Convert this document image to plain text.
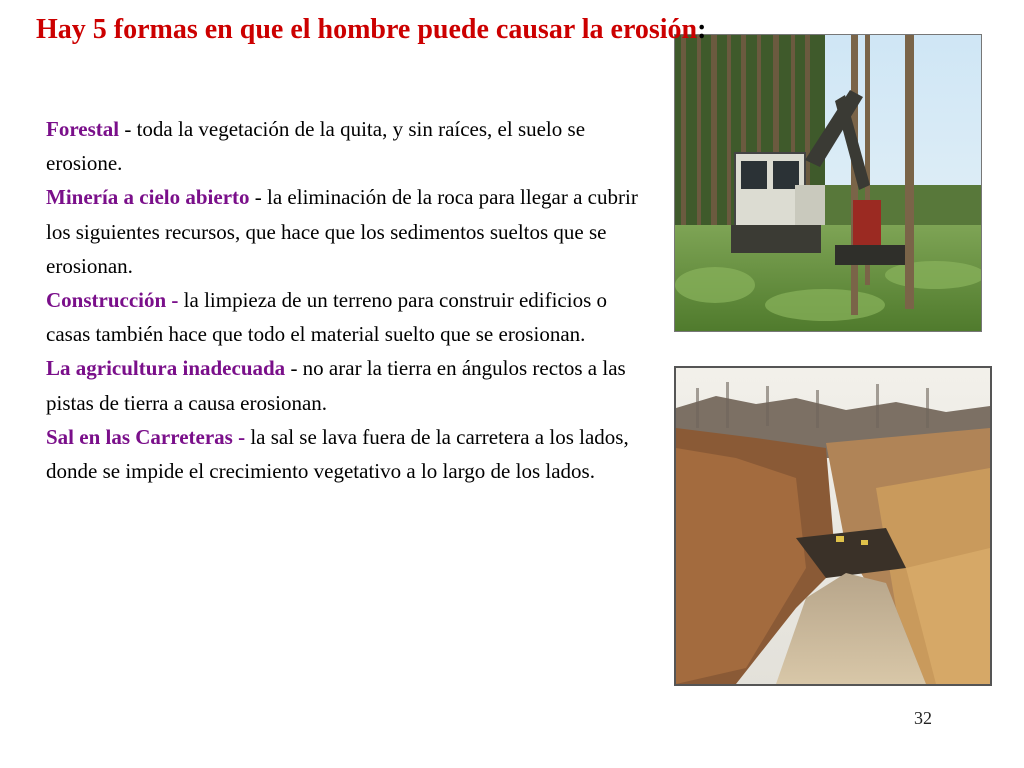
Hay 5 formas en que el hombre puede causar la erosión:

Forestal - toda la vegetación de la quita, y sin raíces, el suelo se erosione.

Minería a cielo abierto - la eliminación de la roca para llegar a cubrir los siguientes recursos, que hace que los sedimentos sueltos que se erosionan.

Construcción - la limpieza de un terreno para construir edificios o casas también hace que todo el material suelto que se erosionan.

La agricultura inadecuada - no arar la tierra en ángulos rectos a las pistas de tierra a causa erosionan.

Sal en las Carreteras - la sal se lava fuera de la carretera a los lados, donde se impide el crecimiento vegetativo a lo largo de los lados.

32
